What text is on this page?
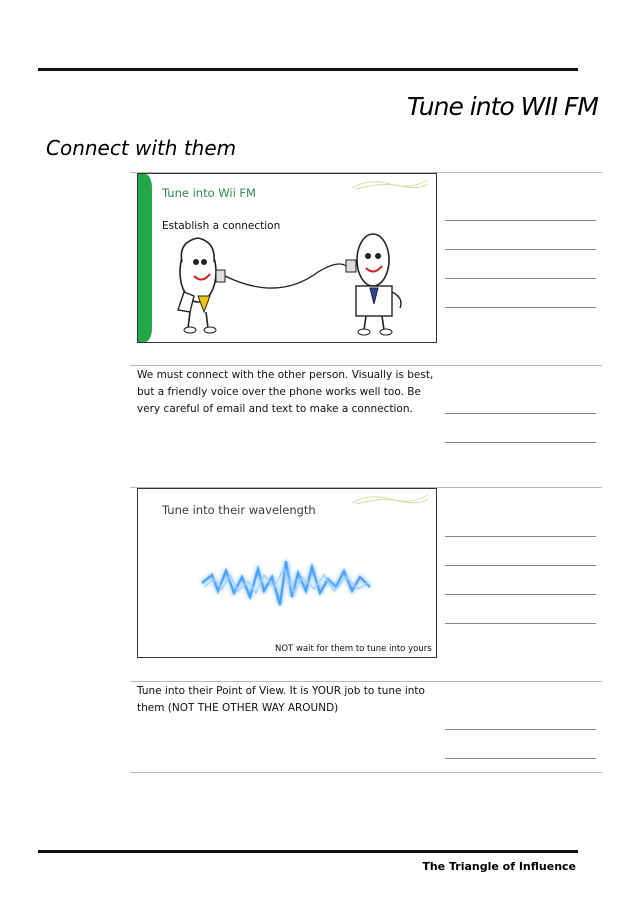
Tune into WII FM
Connect with them
Tune into Wii FM
Establish a connection
We must connect with the other person. Visually is best, but a friendly voice over the phone works well too. Be very careful of email and text to make a connection.
Tune into their wavelength
NOT wait for them to tune into yours
Tune into their Point of View. It is YOUR job to tune into them (NOT THE OTHER WAY AROUND)
The Triangle of Influence
